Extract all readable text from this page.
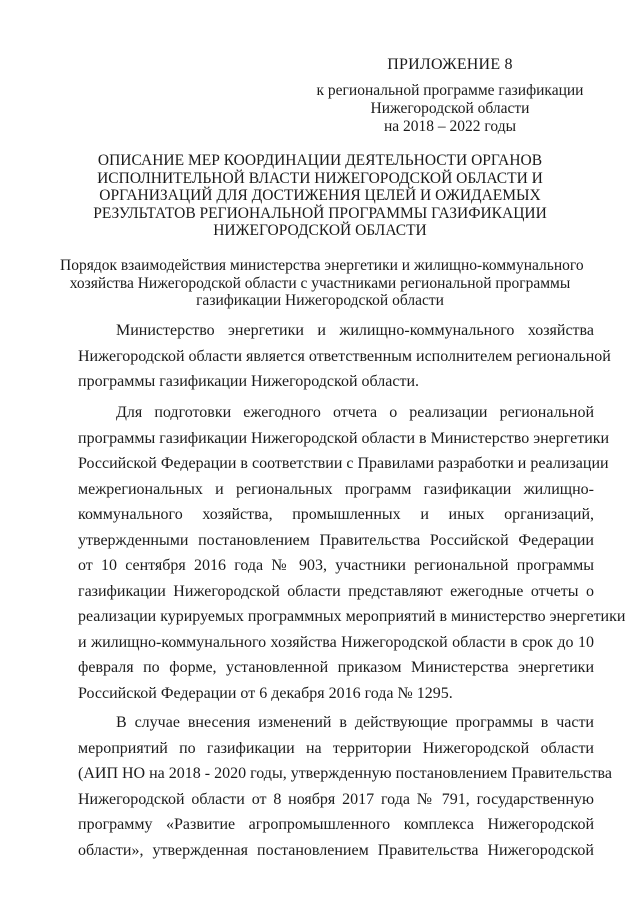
ПРИЛОЖЕНИЕ 8
к региональной программе газификации
Нижегородской области
на 2018 – 2022 годы
ОПИСАНИЕ МЕР КООРДИНАЦИИ ДЕЯТЕЛЬНОСТИ ОРГАНОВ
ИСПОЛНИТЕЛЬНОЙ ВЛАСТИ НИЖЕГОРОДСКОЙ ОБЛАСТИ И
ОРГАНИЗАЦИЙ ДЛЯ ДОСТИЖЕНИЯ ЦЕЛЕЙ И ОЖИДАЕМЫХ
РЕЗУЛЬТАТОВ РЕГИОНАЛЬНОЙ ПРОГРАММЫ ГАЗИФИКАЦИИ
НИЖЕГОРОДСКОЙ ОБЛАСТИ
Порядок взаимодействия министерства энергетики и жилищно-коммунального
хозяйства Нижегородской области с участниками региональной программы
газификации Нижегородской области
Министерство энергетики и жилищно-коммунального хозяйства
Нижегородской области является ответственным исполнителем региональной
программы газификации Нижегородской области.
Для подготовки ежегодного отчета о реализации региональной
программы газификации Нижегородской области в Министерство энергетики
Российской Федерации в соответствии с Правилами разработки и реализации
межрегиональных и региональных программ газификации жилищно-
коммунального хозяйства, промышленных и иных организаций,
утвержденными постановлением Правительства Российской Федерации
от 10 сентября 2016 года № 903, участники региональной программы
газификации Нижегородской области представляют ежегодные отчеты о
реализации курируемых программных мероприятий в министерство энергетики
и жилищно-коммунального хозяйства Нижегородской области в срок до 10
февраля по форме, установленной приказом Министерства энергетики
Российской Федерации от 6 декабря 2016 года № 1295.
В случае внесения изменений в действующие программы в части
мероприятий по газификации на территории Нижегородской области
(АИП НО на 2018 - 2020 годы, утвержденную постановлением Правительства
Нижегородской области от 8 ноября 2017 года № 791, государственную
программу «Развитие агропромышленного комплекса Нижегородской
области», утвержденная постановлением Правительства Нижегородской
